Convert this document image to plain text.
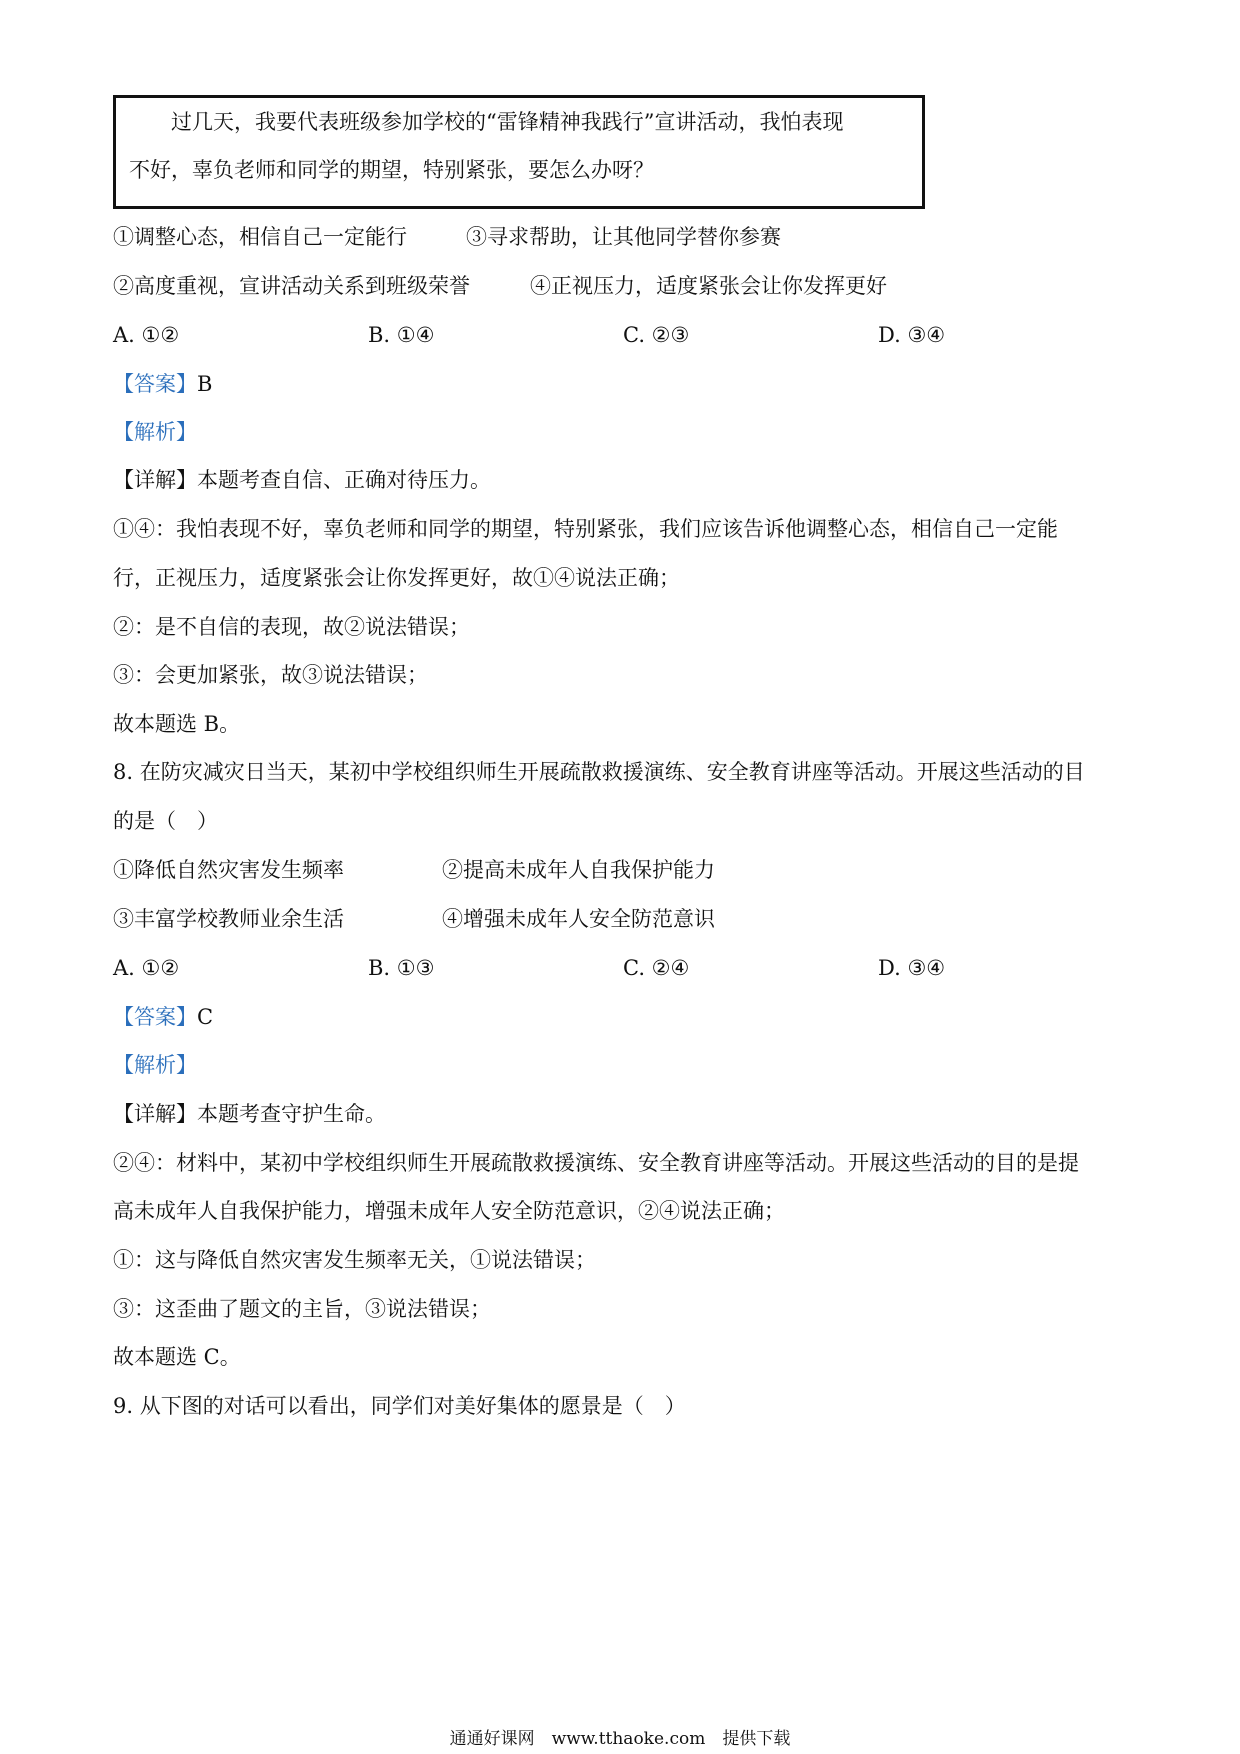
过几天，我要代表班级参加学校的“雷锋精神我践行”宣讲活动，我怕表现
不好，辜负老师和同学的期望，特别紧张，要怎么办呀？
①调整心态，相信自己一定能行	③寻求帮助，让其他同学替你参赛
②高度重视，宣讲活动关系到班级荣誉	④正视压力，适度紧张会让你发挥更好
A. ①②	B. ①④	C. ②③	D. ③④
【答案】B
【解析】
【详解】本题考查自信、正确对待压力。
①④：我怕表现不好，辜负老师和同学的期望，特别紧张，我们应该告诉他调整心态，相信自己一定能
行，正视压力，适度紧张会让你发挥更好，故①④说法正确；
②：是不自信的表现，故②说法错误；
③：会更加紧张，故③说法错误；
故本题选 B。
8. 在防灾减灾日当天，某初中学校组织师生开展疏散救援演练、安全教育讲座等活动。开展这些活动的目
的是（　）
①降低自然灾害发生频率	②提高未成年人自我保护能力
③丰富学校教师业余生活	④增强未成年人安全防范意识
A. ①②	B. ①③	C. ②④	D. ③④
【答案】C
【解析】
【详解】本题考查守护生命。
②④：材料中，某初中学校组织师生开展疏散救援演练、安全教育讲座等活动。开展这些活动的目的是提
高未成年人自我保护能力，增强未成年人安全防范意识，②④说法正确；
①：这与降低自然灾害发生频率无关，①说法错误；
③：这歪曲了题文的主旨，③说法错误；
故本题选 C。
9. 从下图的对话可以看出，同学们对美好集体的愿景是（　）
通通好课网　www.tthaoke.com　提供下载
